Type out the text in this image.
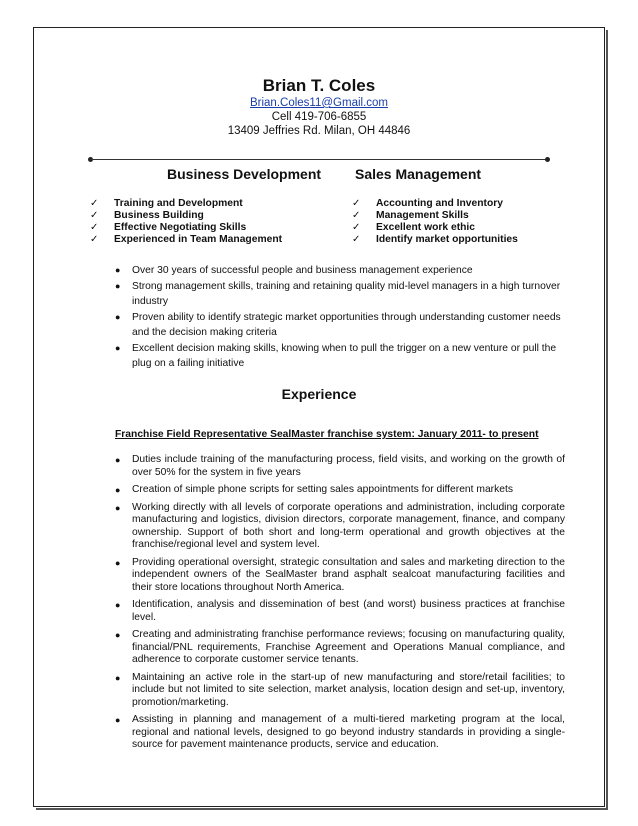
Brian T. Coles
Brian.Coles11@Gmail.com
Cell 419-706-6855
13409 Jeffries Rd. Milan, OH 44846
Business Development Sales Management
✓ Training and Development
✓ Business Building
✓ Effective Negotiating Skills
✓ Experienced in Team Management
✓ Accounting and Inventory
✓ Management Skills
✓ Excellent work ethic
✓ Identify market opportunities
● Over 30 years of successful people and business management experience
● Strong management skills, training and retaining quality mid-level managers in a high turnover industry
● Proven ability to identify strategic market opportunities through understanding customer needs and the decision making criteria
● Excellent decision making skills, knowing when to pull the trigger on a new venture or pull the plug on a failing initiative
Experience
Franchise Field Representative SealMaster franchise system: January 2011- to present
● Duties include training of the manufacturing process, field visits, and working on the growth of over 50% for the system in five years
● Creation of simple phone scripts for setting sales appointments for different markets
● Working directly with all levels of corporate operations and administration, including corporate manufacturing and logistics, division directors, corporate management, finance, and company ownership. Support of both short and long-term operational and growth objectives at the franchise/regional level and system level.
● Providing operational oversight, strategic consultation and sales and marketing direction to the independent owners of the SealMaster brand asphalt sealcoat manufacturing facilities and their store locations throughout North America.
● Identification, analysis and dissemination of best (and worst) business practices at franchise level.
● Creating and administrating franchise performance reviews; focusing on manufacturing quality, financial/PNL requirements, Franchise Agreement and Operations Manual compliance, and adherence to corporate customer service tenants.
● Maintaining an active role in the start-up of new manufacturing and store/retail facilities; to include but not limited to site selection, market analysis, location design and set-up, inventory, promotion/marketing.
● Assisting in planning and management of a multi-tiered marketing program at the local, regional and national levels, designed to go beyond industry standards in providing a single-source for pavement maintenance products, service and education.
